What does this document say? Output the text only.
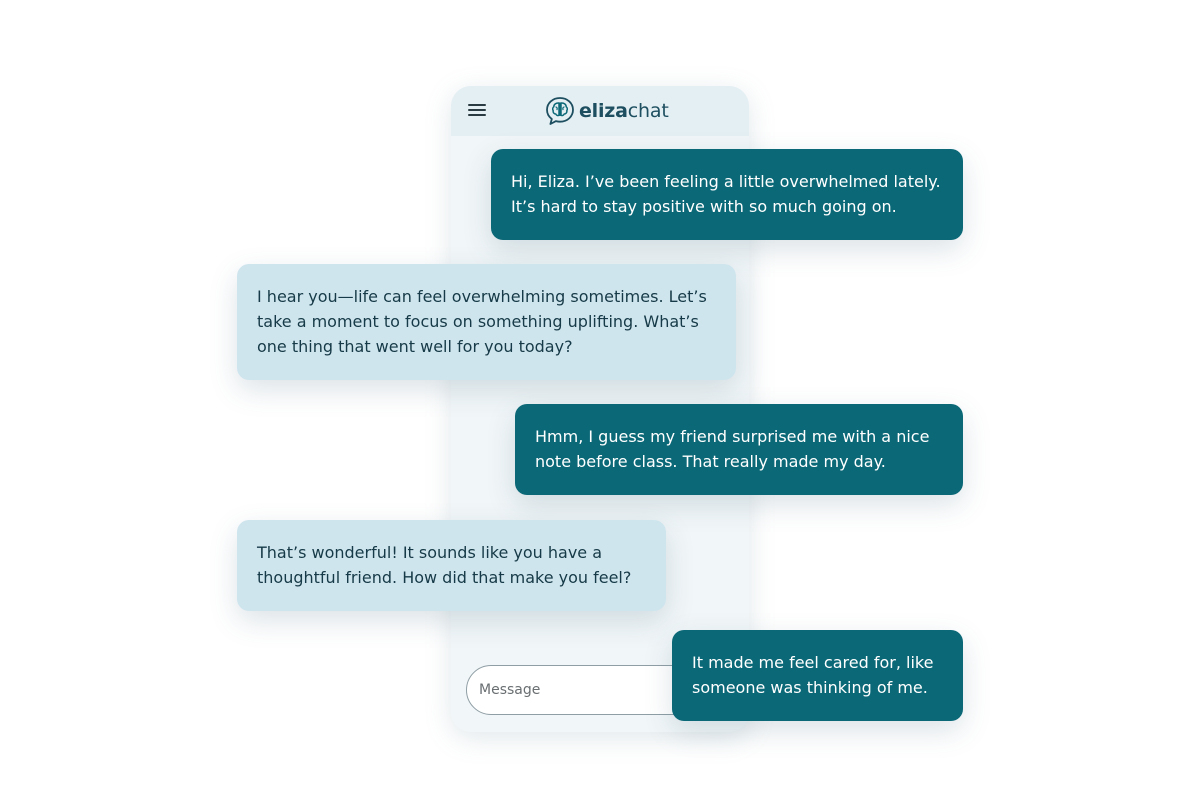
elizachat
Message
Hi, Eliza. I’ve been feeling a little overwhelmed lately.
It’s hard to stay positive with so much going on.
I hear you—life can feel overwhelming sometimes. Let’s
take a moment to focus on something uplifting. What’s
one thing that went well for you today?
Hmm, I guess my friend surprised me with a nice
note before class. That really made my day.
That’s wonderful! It sounds like you have a
thoughtful friend. How did that make you feel?
It made me feel cared for, like
someone was thinking of me.
